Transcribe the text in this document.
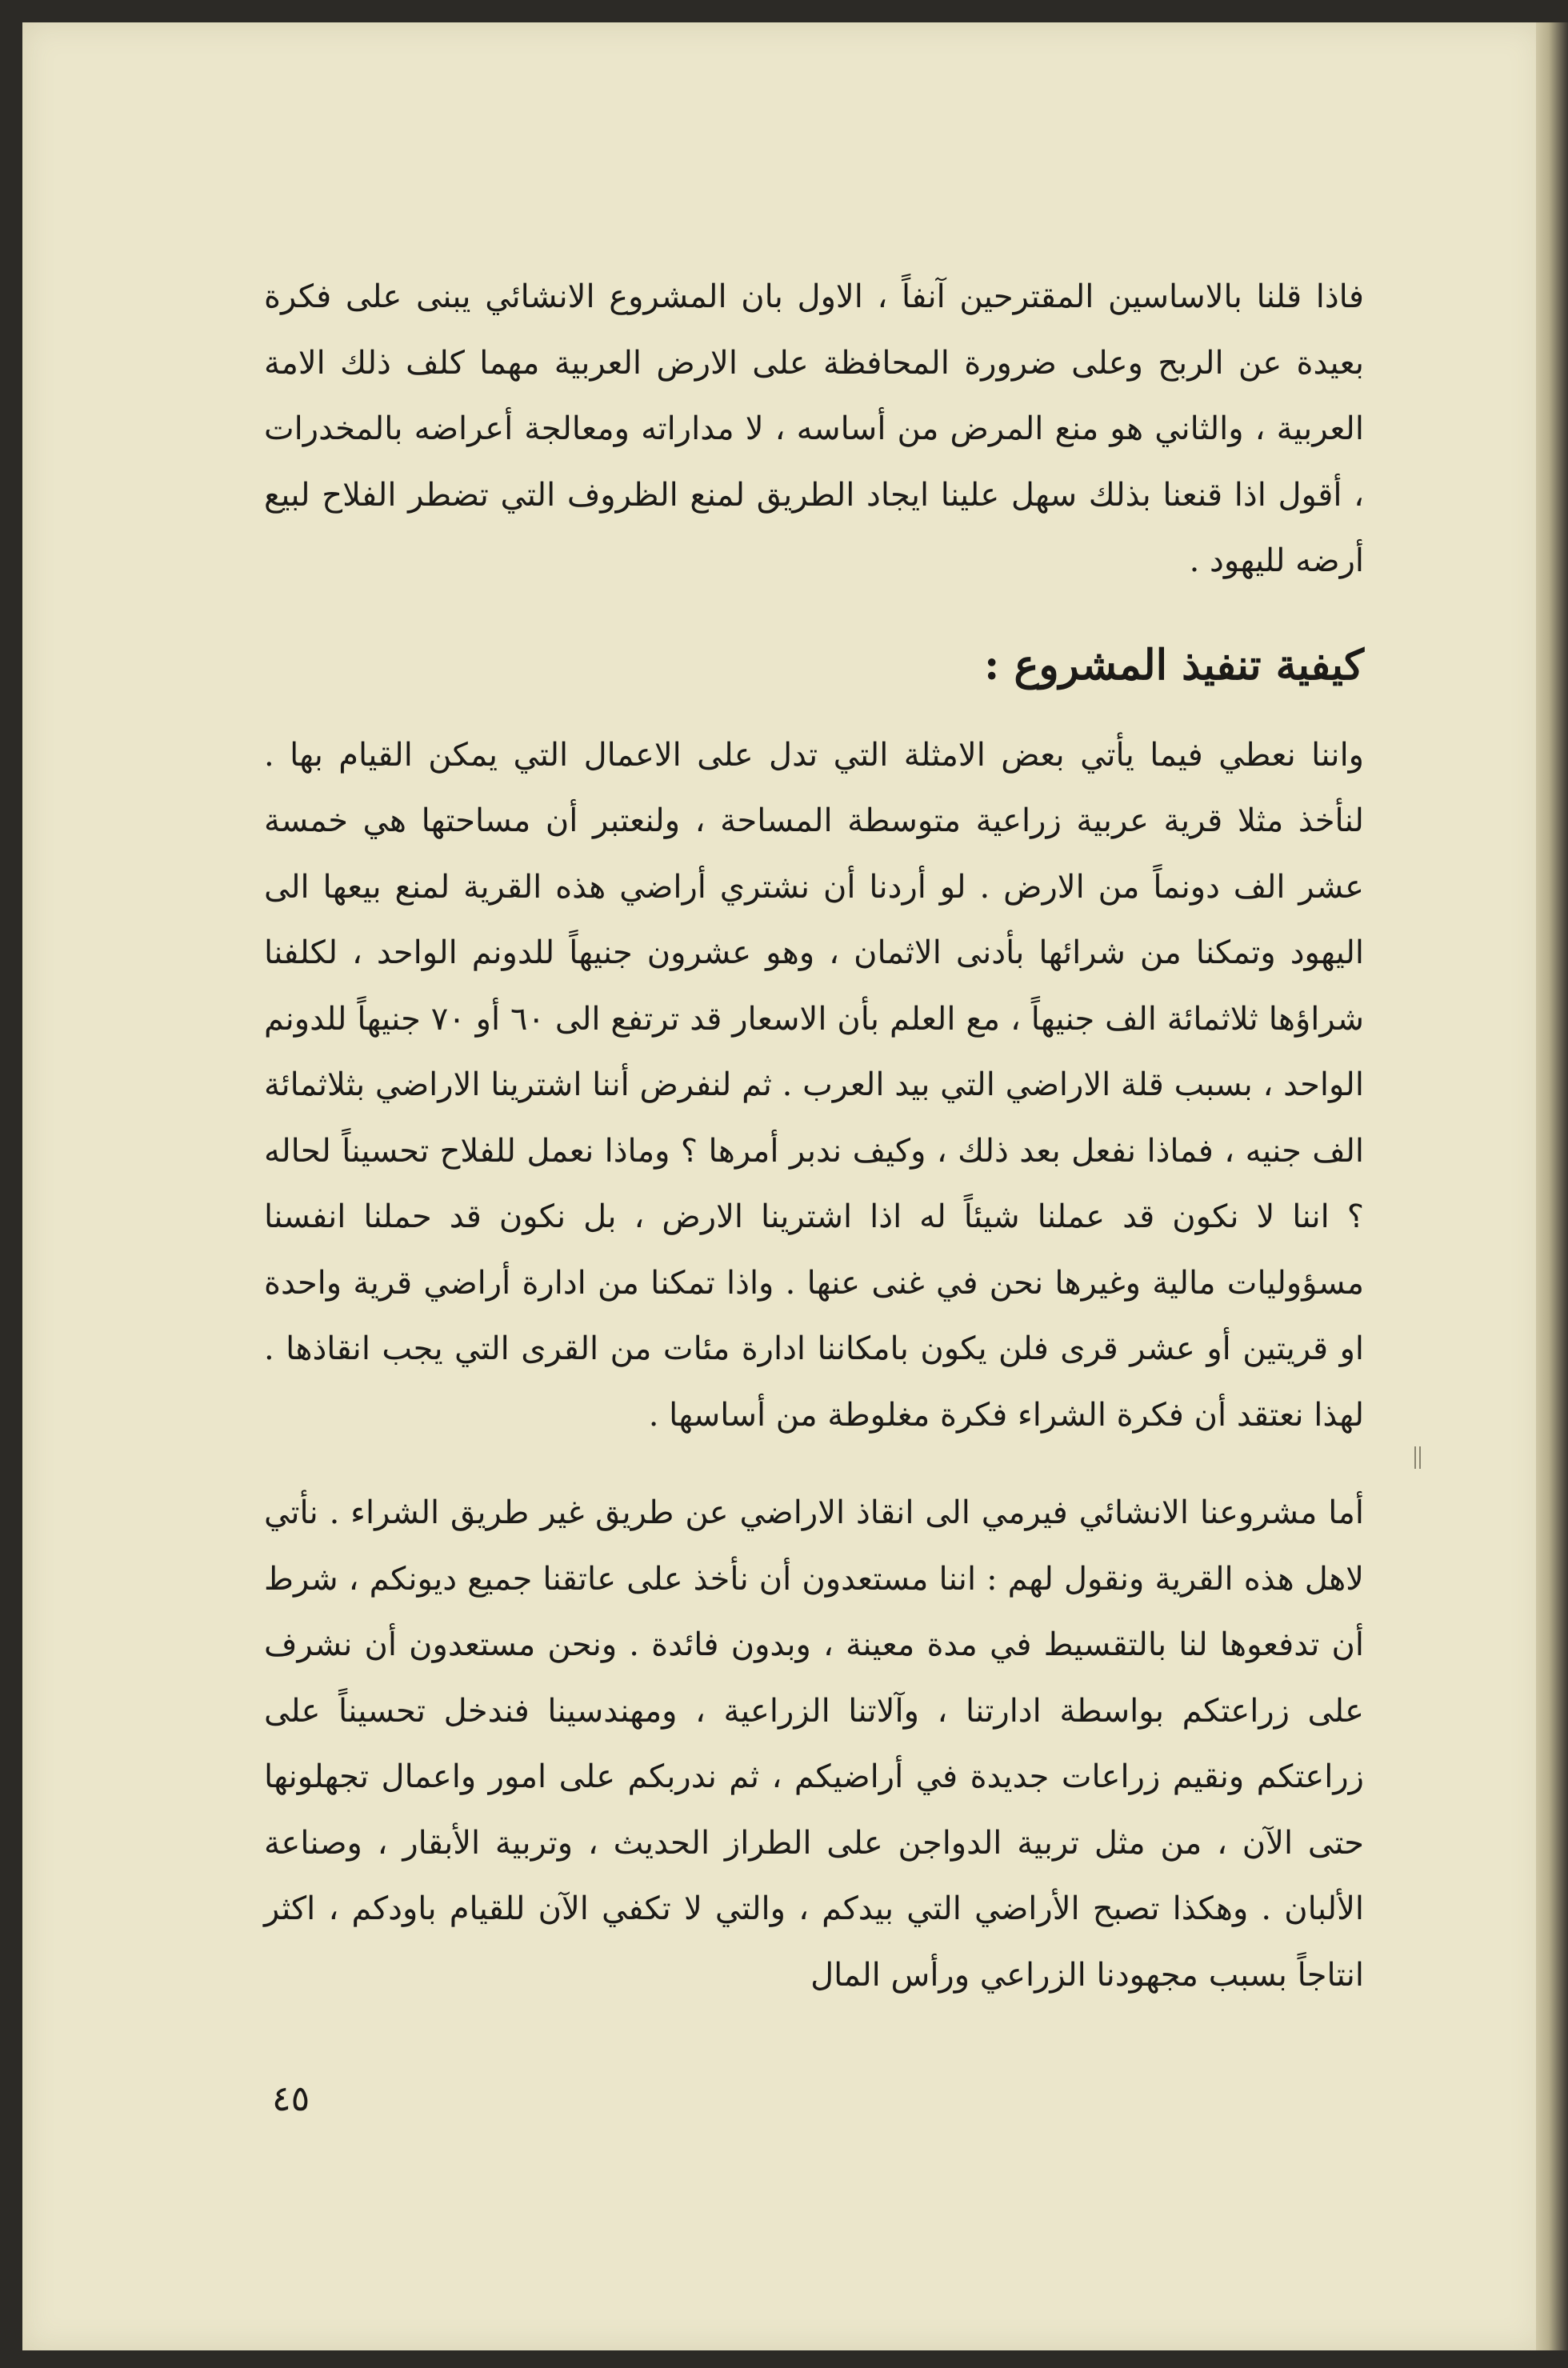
فاذا قلنا بالاساسين المقترحين آنفاً ، الاول بان المشروع الانشائي يبنى على فكرة بعيدة عن الربح وعلى ضرورة المحافظة على الارض العربية مهما كلف ذلك الامة العربية ، والثاني هو منع المرض من أساسه ، لا مداراته ومعالجة أعراضه بالمخدرات ، أقول اذا قنعنا بذلك سهل علينا ايجاد الطريق لمنع الظروف التي تضطر الفلاح لبيع أرضه لليهود .

كيفية تنفيذ المشروع :

واننا نعطي فيما يأتي بعض الامثلة التي تدل على الاعمال التي يمكن القيام بها . لنأخذ مثلا قرية عربية زراعية متوسطة المساحة ، ولنعتبر أن مساحتها هي خمسة عشر الف دونماً من الارض . لو أردنا أن نشتري أراضي هذه القرية لمنع بيعها الى اليهود وتمكنا من شرائها بأدنى الاثمان ، وهو عشرون جنيهاً للدونم الواحد ، لكلفنا شراؤها ثلاثمائة الف جنيهاً ، مع العلم بأن الاسعار قد ترتفع الى ٦٠ أو ٧٠ جنيهاً للدونم الواحد ، بسبب قلة الاراضي التي بيد العرب . ثم لنفرض أننا اشترينا الاراضي بثلاثمائة الف جنيه ، فماذا نفعل بعد ذلك ، وكيف ندبر أمرها ؟ وماذا نعمل للفلاح تحسيناً لحاله ؟ اننا لا نكون قد عملنا شيئاً له اذا اشترينا الارض ، بل نكون قد حملنا انفسنا مسؤوليات مالية وغيرها نحن في غنى عنها . واذا تمكنا من ادارة أراضي قرية واحدة او قريتين أو عشر قرى فلن يكون بامكاننا ادارة مئات من القرى التي يجب انقاذها . لهذا نعتقد أن فكرة الشراء فكرة مغلوطة من أساسها .

أما مشروعنا الانشائي فيرمي الى انقاذ الاراضي عن طريق غير طريق الشراء . نأتي لاهل هذه القرية ونقول لهم : اننا مستعدون أن نأخذ على عاتقنا جميع ديونكم ، شرط أن تدفعوها لنا بالتقسيط في مدة معينة ، وبدون فائدة . ونحن مستعدون أن نشرف على زراعتكم بواسطة ادارتنا ، وآلاتنا الزراعية ، ومهندسينا فندخل تحسيناً على زراعتكم ونقيم زراعات جديدة في أراضيكم ، ثم ندربكم على امور واعمال تجهلونها حتى الآن ، من مثل تربية الدواجن على الطراز الحديث ، وتربية الأبقار ، وصناعة الألبان . وهكذا تصبح الأراضي التي بيدكم ، والتي لا تكفي الآن للقيام باودكم ، اكثر انتاجاً بسبب مجهودنا الزراعي ورأس المال

٤٥
